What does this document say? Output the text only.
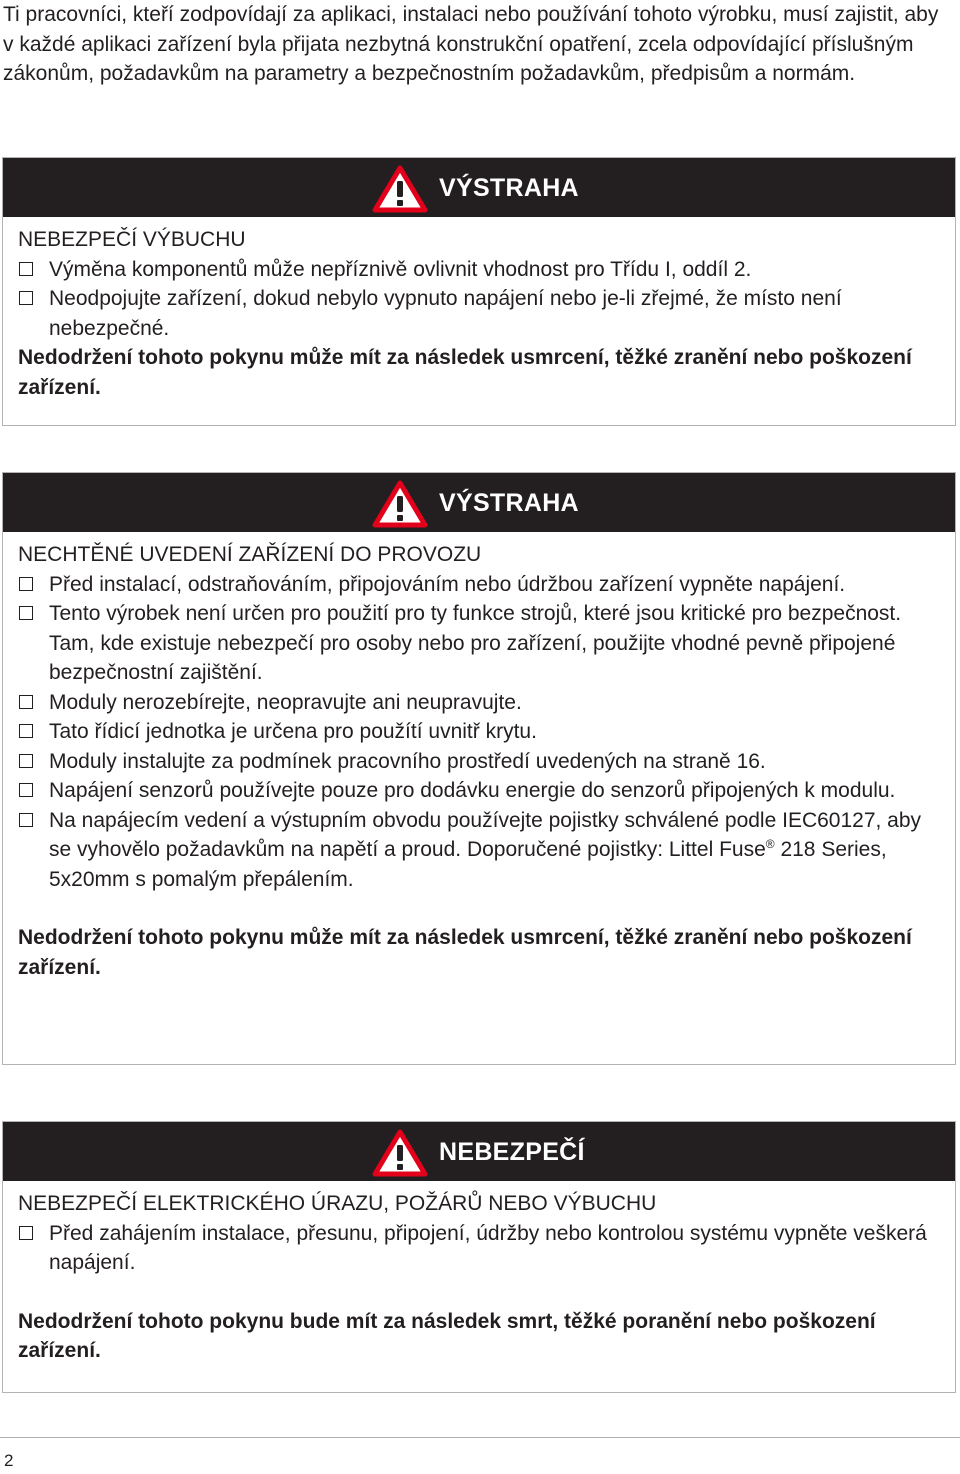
Ti pracovníci, kteří zodpovídají za aplikaci, instalaci nebo používání tohoto výrobku, musí zajistit, aby v každé aplikaci zařízení byla přijata nezbytná konstrukční opatření, zcela odpovídající příslušným zákonům, požadavkům na parametry a bezpečnostním požadavkům, předpisům a normám.
VÝSTRAHA
NEBEZPEČÍ VÝBUCHU
Výměna komponentů může nepříznivě ovlivnit vhodnost pro Třídu I, oddíl 2.
Neodpojujte zařízení, dokud nebylo vypnuto napájení nebo je-li zřejmé, že místo není nebezpečné.
Nedodržení tohoto pokynu může mít za následek usmrcení, těžké zranění nebo poškození zařízení.
VÝSTRAHA
NECHTĚNÉ UVEDENÍ ZAŘÍZENÍ DO PROVOZU
Před instalací, odstraňováním, připojováním nebo údržbou zařízení vypněte napájení.
Tento výrobek není určen pro použití pro ty funkce strojů, které jsou kritické pro bezpečnost. Tam, kde existuje nebezpečí pro osoby nebo pro zařízení, použijte vhodné pevně připojené bezpečnostní zajištění.
Moduly nerozebírejte, neopravujte ani neupravujte.
Tato řídicí jednotka je určena pro použítí uvnitř krytu.
Moduly instalujte za podmínek pracovního prostředí uvedených na straně 16.
Napájení senzorů používejte pouze pro dodávku energie do senzorů připojených k modulu.
Na napájecím vedení a výstupním obvodu používejte pojistky schválené podle IEC60127, aby se vyhovělo požadavkům na napětí a proud. Doporučené pojistky: Littel Fuse® 218 Series, 5x20mm s pomalým přepálením.
Nedodržení tohoto pokynu může mít za následek usmrcení, těžké zranění nebo poškození zařízení.
NEBEZPEČÍ
NEBEZPEČÍ ELEKTRICKÉHO ÚRAZU, POŽÁRŮ NEBO VÝBUCHU
Před zahájením instalace, přesunu, připojení, údržby nebo kontrolou systému vypněte veškerá napájení.
Nedodržení tohoto pokynu bude mít za následek smrt, těžké poranění nebo poškození zařízení.
2
